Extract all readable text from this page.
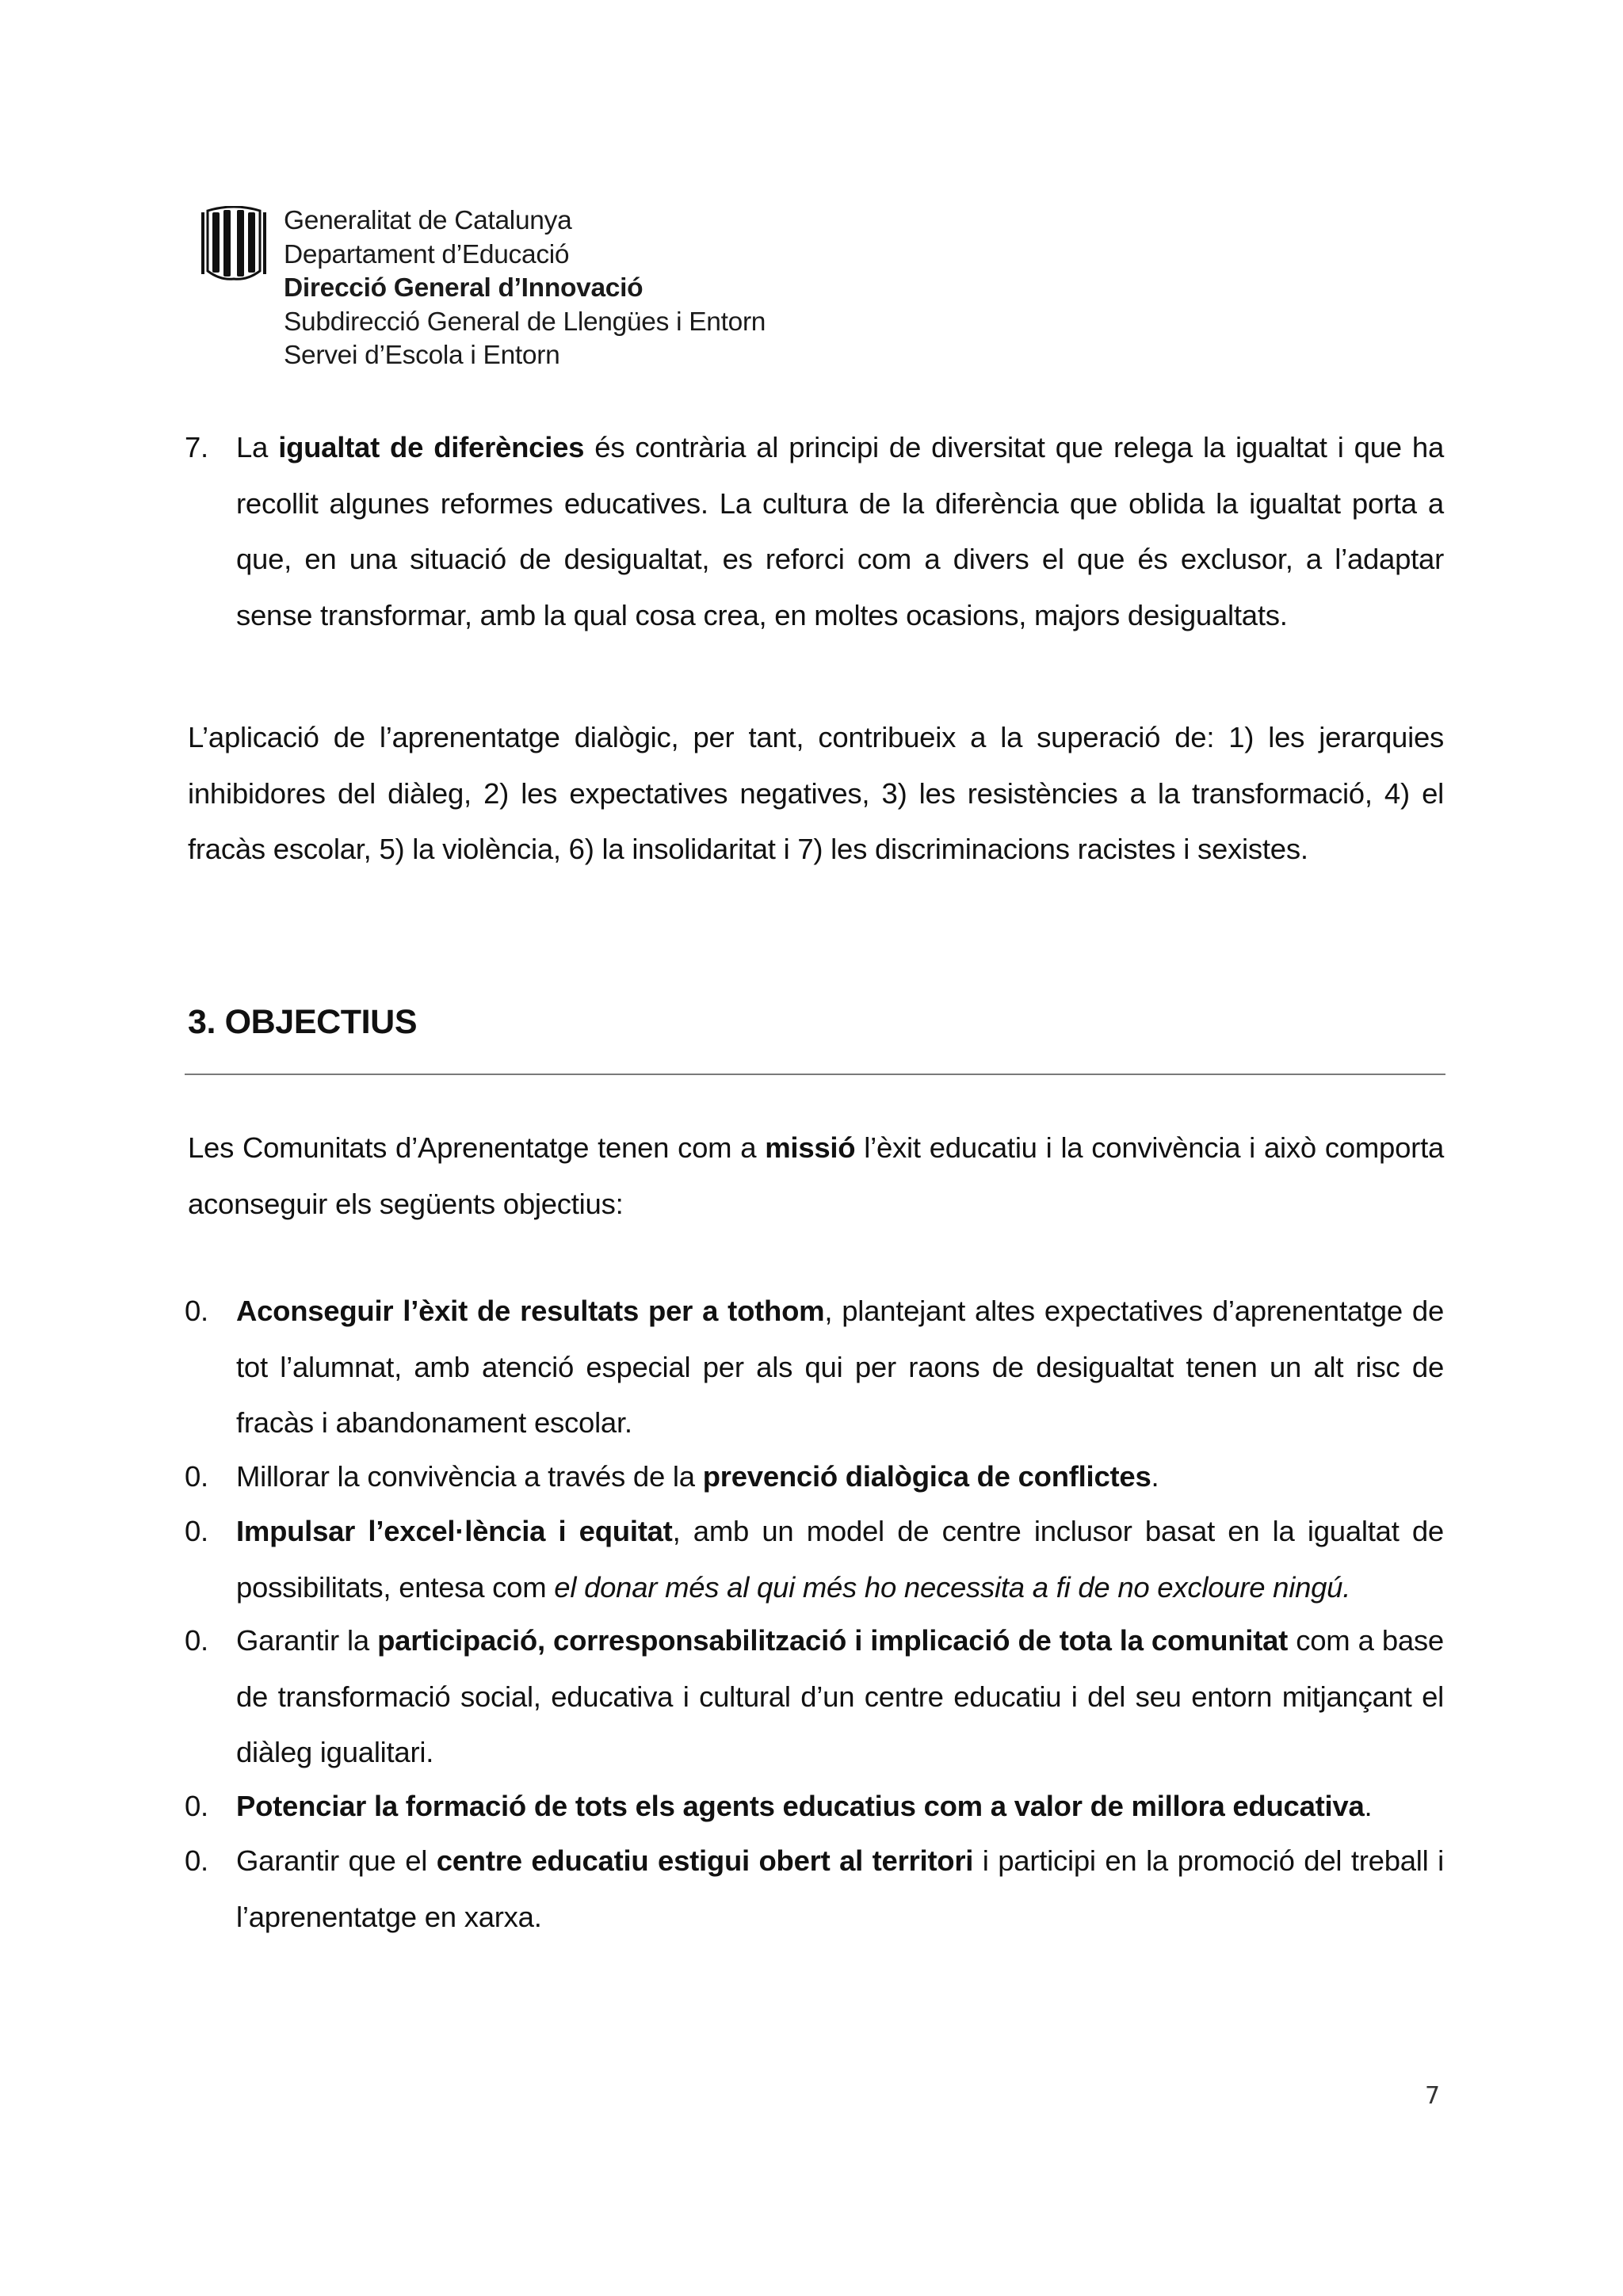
Generalitat de Catalunya
Departament d’Educació
Direcció General d’Innovació
Subdirecció General de Llengües i Entorn
Servei d’Escola i Entorn
7. La igualtat de diferències és contrària al principi de diversitat que relega la igualtat i que ha recollit algunes reformes educatives. La cultura de la diferència que oblida la igualtat porta a que, en una situació de desigualtat, es reforci com a divers el que és exclusor, a l’adaptar sense transformar, amb la qual cosa crea, en moltes ocasions, majors desigualtats.
L’aplicació de l’aprenentatge dialògic, per tant, contribueix a la superació de: 1) les jerarquies inhibidores del diàleg, 2) les expectatives negatives, 3) les resistències a la transformació, 4) el fracàs escolar, 5) la violència, 6) la insolidaritat i 7) les discriminacions racistes i sexistes.
3. OBJECTIUS
Les Comunitats d’Aprenentatge tenen com a missió l’èxit educatiu i la convivència i això comporta aconseguir els següents objectius:
0. Aconseguir l’èxit de resultats per a tothom, plantejant altes expectatives d’aprenentatge de tot l’alumnat, amb atenció especial per als qui per raons de desigualtat tenen un alt risc de fracàs i abandonament escolar.
0. Millorar la convivència a través de la prevenció dialògica de conflictes.
0. Impulsar l’excel·lència i equitat, amb un model de centre inclusor basat en la igualtat de possibilitats, entesa com el donar més al qui més ho necessita a fi de no excloure ningú.
0. Garantir la participació, corresponsabilització i implicació de tota la comunitat com a base de transformació social, educativa i cultural d’un centre educatiu i del seu entorn mitjançant el diàleg igualitari.
0. Potenciar la formació de tots els agents educatius com a valor de millora educativa.
0. Garantir que el centre educatiu estigui obert al territori i participi en la promoció del treball i l’aprenentatge en xarxa.
7
